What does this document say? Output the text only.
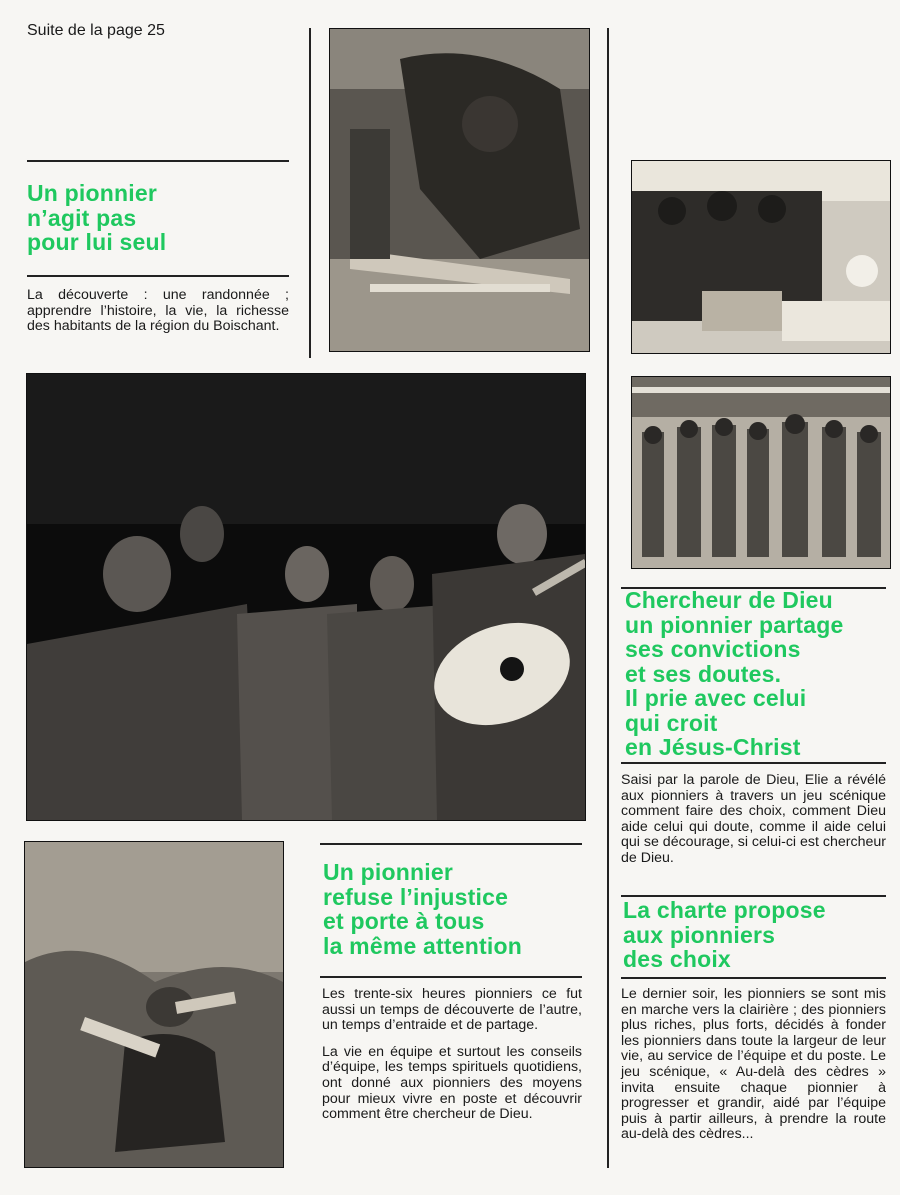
Suite de la page 25
Un pionnier
n’agit pas
pour lui seul
La découverte : une randonnée ; apprendre l’histoire, la vie, la richesse des habitants de la région du Boischant.
Chercheur de Dieu
un pionnier partage
ses convictions
et ses doutes.
Il prie avec celui
qui croit
en Jésus-Christ
Saisi par la parole de Dieu, Elie a révélé aux pionniers à travers un jeu scénique comment faire des choix, comment Dieu aide celui qui doute, comme il aide celui qui se décourage, si celui-ci est chercheur de Dieu.
Un pionnier
refuse l’injustice
et porte à tous
la même attention

Les trente-six heures pionniers ce fut aussi un temps de découverte de l’autre, un temps d’entraide et de partage.

La vie en équipe et surtout les conseils d’équipe, les temps spirituels quotidiens, ont donné aux pionniers des moyens pour mieux vivre en poste et découvrir comment être chercheur de Dieu.

La charte propose
aux pionniers
des choix
Le dernier soir, les pionniers se sont mis en marche vers la clairière ; des pionniers plus riches, plus forts, décidés à fonder les pionniers dans toute la largeur de leur vie, au service de l’équipe et du poste. Le jeu scénique, « Au-delà des cèdres » invita ensuite chaque pionnier à progresser et grandir, aidé par l’équipe puis à partir ailleurs, à prendre la route au-delà des cèdres...
